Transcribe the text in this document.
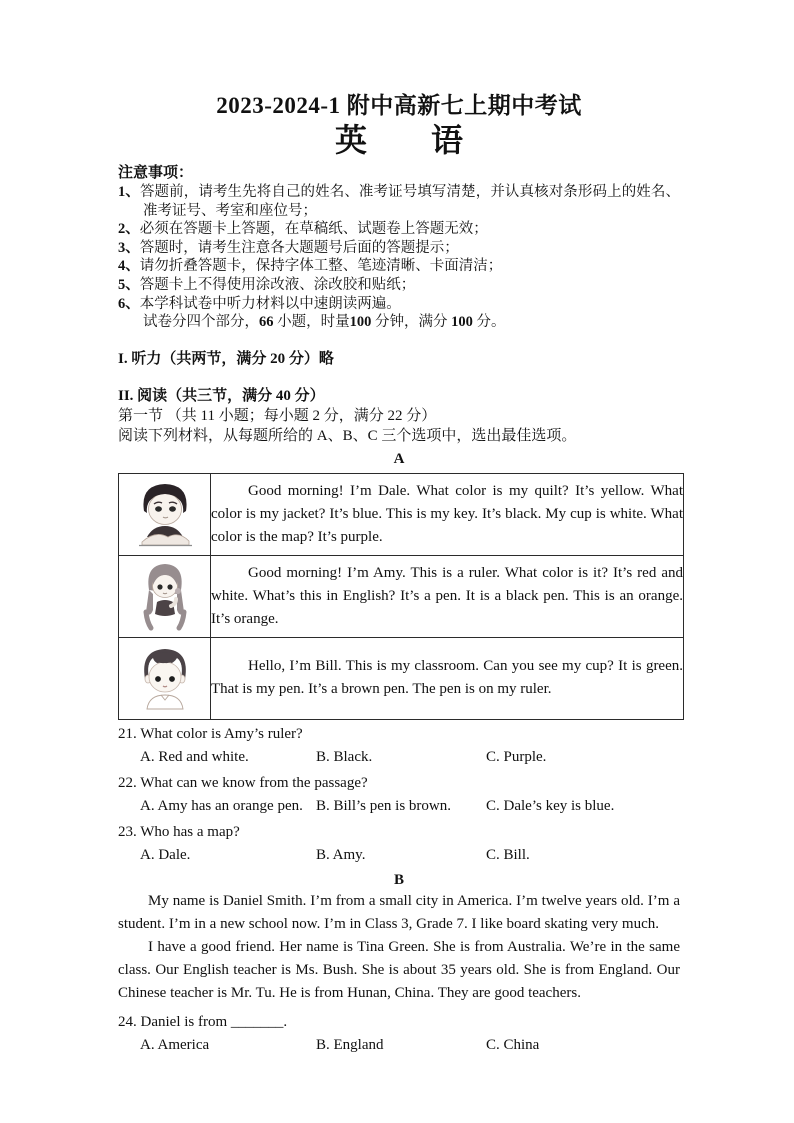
2023-2024-1 附中高新七上期中考试
英 语
注意事项：
1、答题前，请考生先将自己的姓名、准考证号填写清楚，并认真核对条形码上的姓名、准考证号、考室和座位号；
2、必须在答题卡上答题，在草稿纸、试题卷上答题无效；
3、答题时，请考生注意各大题题号后面的答题提示；
4、请勿折叠答题卡，保持字体工整、笔迹清晰、卡面清洁；
5、答题卡上不得使用涂改液、涂改胶和贴纸；
6、本学科试卷中听力材料以中速朗读两遍。
试卷分四个部分，66 小题，时量100 分钟，满分 100 分。
I. 听力（共两节，满分 20 分）略
II. 阅读（共三节，满分 40 分）
第一节 （共 11 小题；每小题 2 分，满分 22 分）
阅读下列材料，从每题所给的 A、B、C 三个选项中，选出最佳选项。
A

Good morning! I’m Dale. What color is my quilt? It’s yellow. What color is my jacket? It’s blue. This is my key. It’s black. My cup is white. What color is the map? It’s purple.

Good morning! I’m Amy. This is a ruler. What color is it? It’s red and white. What’s this in English? It’s a pen. It is a black pen. This is an orange. It’s orange.

Hello, I’m Bill. This is my classroom. Can you see my cup? It is green. That is my pen. It’s a brown pen. The pen is on my ruler.

21. What color is Amy’s ruler?
A. Red and white.	B. Black.	C. Purple.
22. What can we know from the passage?
A. Amy has an orange pen. B. Bill’s pen is brown.	C. Dale’s key is blue.
23. Who has a map?
A. Dale.	B. Amy.	C. Bill.
B

My name is Daniel Smith. I’m from a small city in America. I’m twelve years old. I’m a student. I’m in a new school now. I’m in Class 3, Grade 7. I like board skating very much.

I have a good friend. Her name is Tina Green. She is from Australia. We’re in the same class. Our English teacher is Ms. Bush. She is about 35 years old. She is from England. Our Chinese teacher is Mr. Tu. He is from Hunan, China. They are good teachers.

24. Daniel is from _______.
A. America	B. England	C. China
